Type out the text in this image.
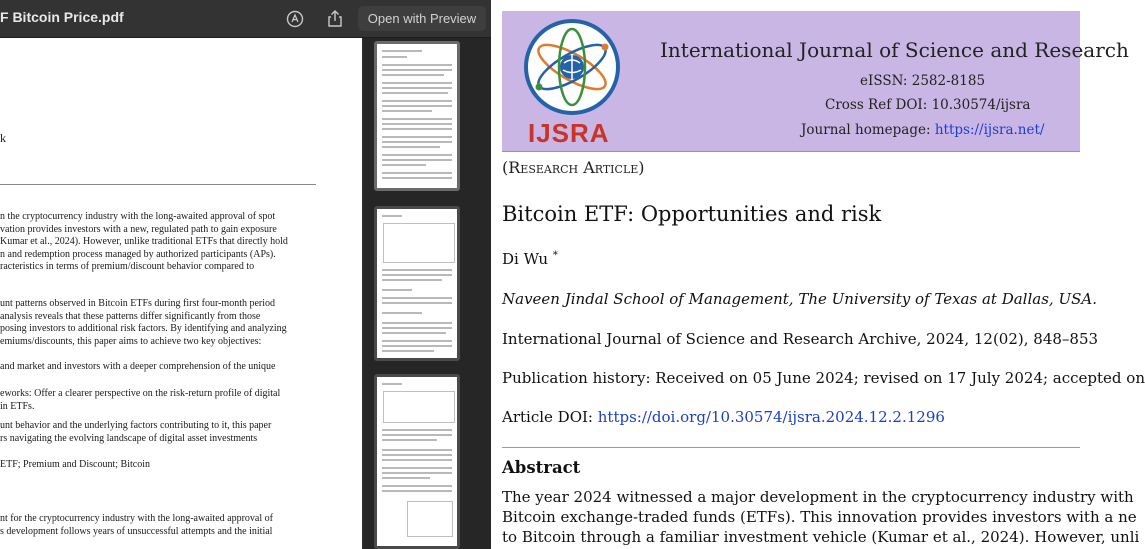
F Bitcoin Price.pdf	Open with Preview
k
n the cryptocurrency industry with the long-awaited approval of spot
vation provides investors with a new, regulated path to gain exposure
Kumar et al., 2024). However, unlike traditional ETFs that directly hold
n and redemption process managed by authorized participants (APs).
racteristics in terms of premium/discount behavior compared to
unt patterns observed in Bitcoin ETFs during first four-month period
analysis reveals that these patterns differ significantly from those
posing investors to additional risk factors. By identifying and analyzing
emiums/discounts, this paper aims to achieve two key objectives:
and market and investors with a deeper comprehension of the unique
eworks: Offer a clearer perspective on the risk-return profile of digital
in ETFs.
unt behavior and the underlying factors contributing to it, this paper
rs navigating the evolving landscape of digital asset investments
ETF; Premium and Discount; Bitcoin
nt for the cryptocurrency industry with the long-awaited approval of
s development follows years of unsuccessful attempts and the initial
IJSRA
International Journal of Science and Research
eISSN: 2582-8185
Cross Ref DOI: 10.30574/ijsra
Journal homepage: https://ijsra.net/
(Research Article)
Bitcoin ETF: Opportunities and risk
Di Wu *
Naveen Jindal School of Management, The University of Texas at Dallas, USA.
International Journal of Science and Research Archive, 2024, 12(02), 848–853
Publication history: Received on 05 June 2024; revised on 17 July 2024; accepted on
Article DOI: https://doi.org/10.30574/ijsra.2024.12.2.1296
Abstract
The year 2024 witnessed a major development in the cryptocurrency industry with
Bitcoin exchange-traded funds (ETFs). This innovation provides investors with a ne
to Bitcoin through a familiar investment vehicle (Kumar et al., 2024). However, unli
